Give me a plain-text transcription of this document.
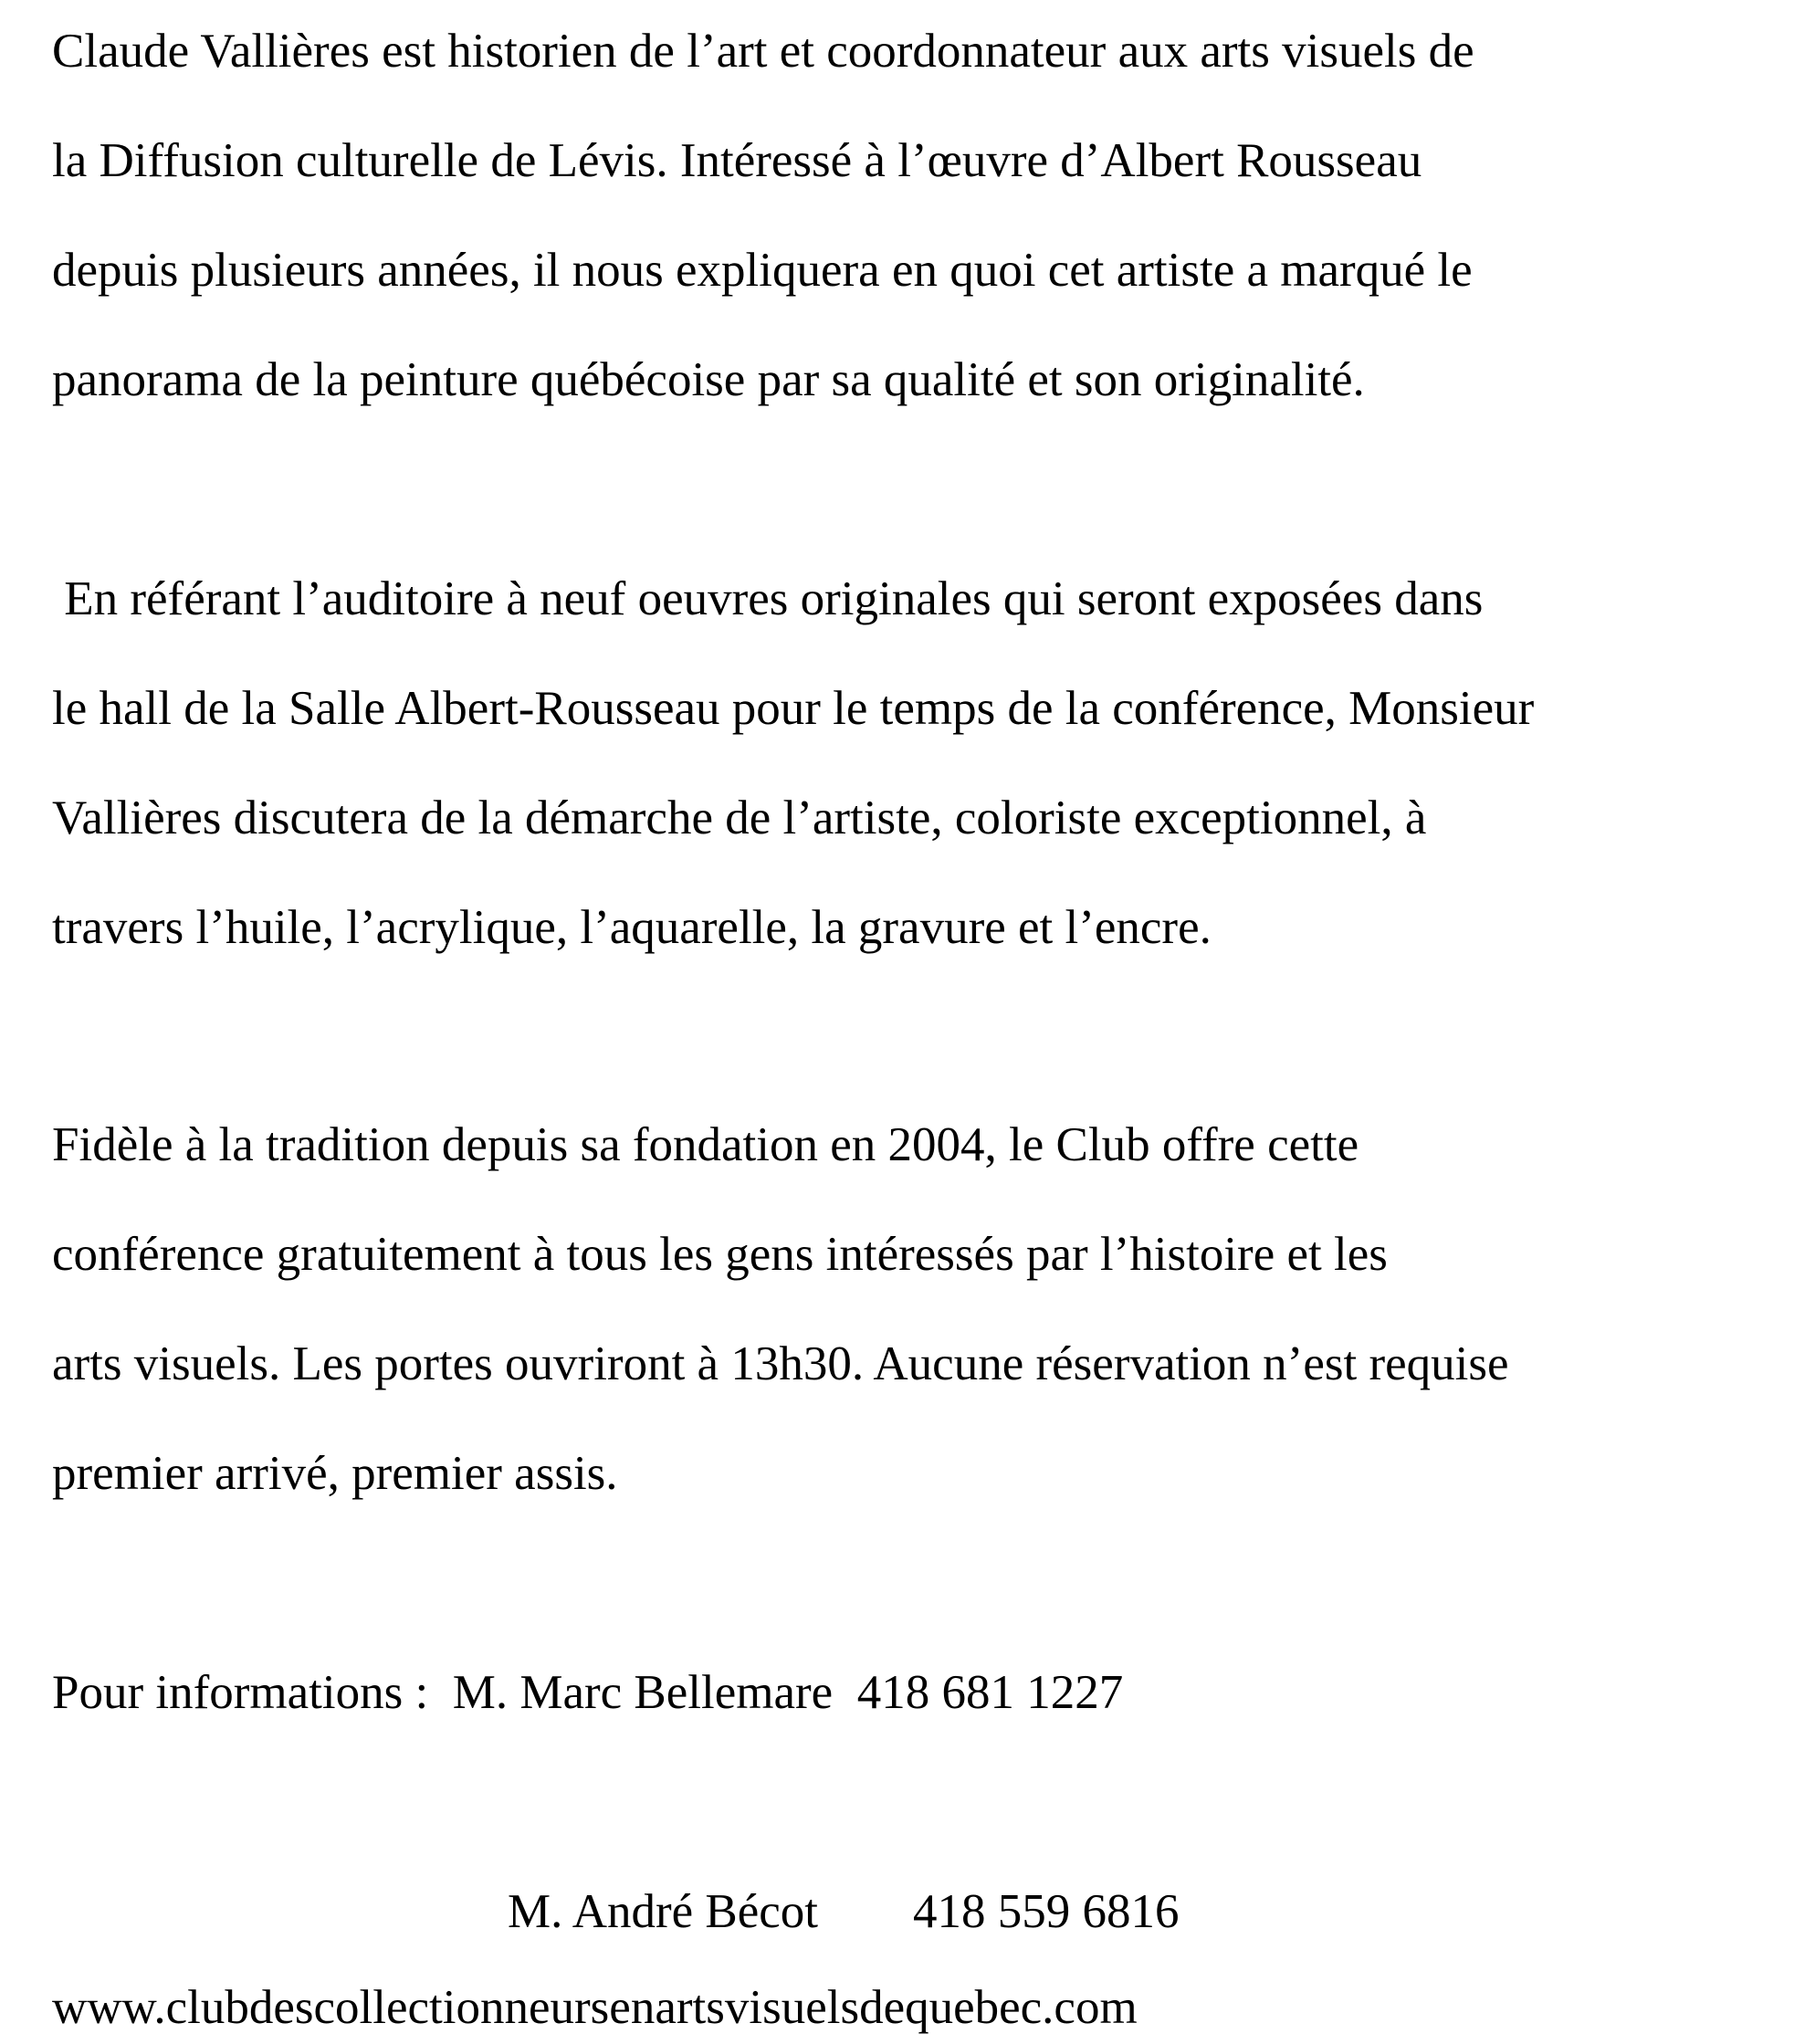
Claude Vallières est historien de l’art et coordonnateur aux arts visuels de
la Diffusion culturelle de Lévis. Intéressé à l’œuvre d’Albert Rousseau
depuis plusieurs années, il nous expliquera en quoi cet artiste a marqué le
panorama de la peinture québécoise par sa qualité et son originalité.
En référant l’auditoire à neuf oeuvres originales qui seront exposées dans
le hall de la Salle Albert-Rousseau pour le temps de la conférence, Monsieur
Vallières discutera de la démarche de l’artiste, coloriste exceptionnel, à
travers l’huile, l’acrylique, l’aquarelle, la gravure et l’encre.
Fidèle à la tradition depuis sa fondation en 2004, le Club offre cette
conférence gratuitement à tous les gens intéressés par l’histoire et les
arts visuels. Les portes ouvriront à 13h30. Aucune réservation n’est requise
premier arrivé, premier assis.
Pour informations : M. Marc Bellemare 418 681 1227
M. André Bécot 418 559 6816
www.clubdescollectionneursenartsvisuelsdequebec.com
